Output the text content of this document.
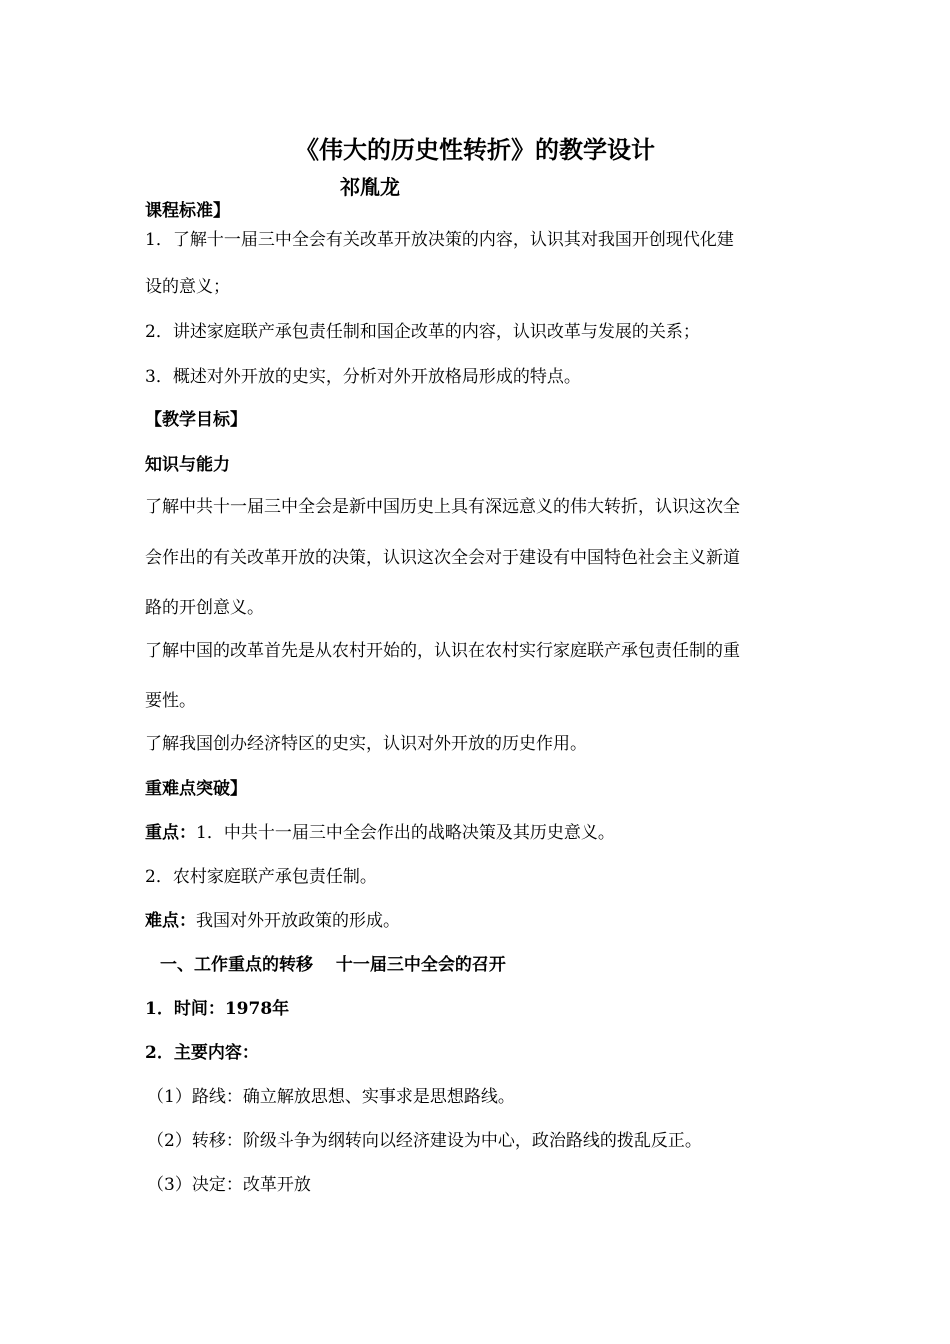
《伟大的历史性转折》的教学设计
祁胤龙
课程标准】
1．了解十一届三中全会有关改革开放决策的内容，认识其对我国开创现代化建
设的意义；
2．讲述家庭联产承包责任制和国企改革的内容，认识改革与发展的关系；
3．概述对外开放的史实，分析对外开放格局形成的特点。
【教学目标】
知识与能力
了解中共十一届三中全会是新中国历史上具有深远意义的伟大转折，认识这次全
会作出的有关改革开放的决策，认识这次全会对于建设有中国特色社会主义新道
路的开创意义。
了解中国的改革首先是从农村开始的，认识在农村实行家庭联产承包责任制的重
要性。
了解我国创办经济特区的史实，认识对外开放的历史作用。
重难点突破】
重点：1．中共十一届三中全会作出的战略决策及其历史意义。
2．农村家庭联产承包责任制。
难点：我国对外开放政策的形成。
一、工作重点的转移　 十一届三中全会的召开
1．时间：1978年
2．主要内容：
（1）路线：确立解放思想、实事求是思想路线。
（2）转移：阶级斗争为纲转向以经济建设为中心，政治路线的拨乱反正。
（3）决定：改革开放
